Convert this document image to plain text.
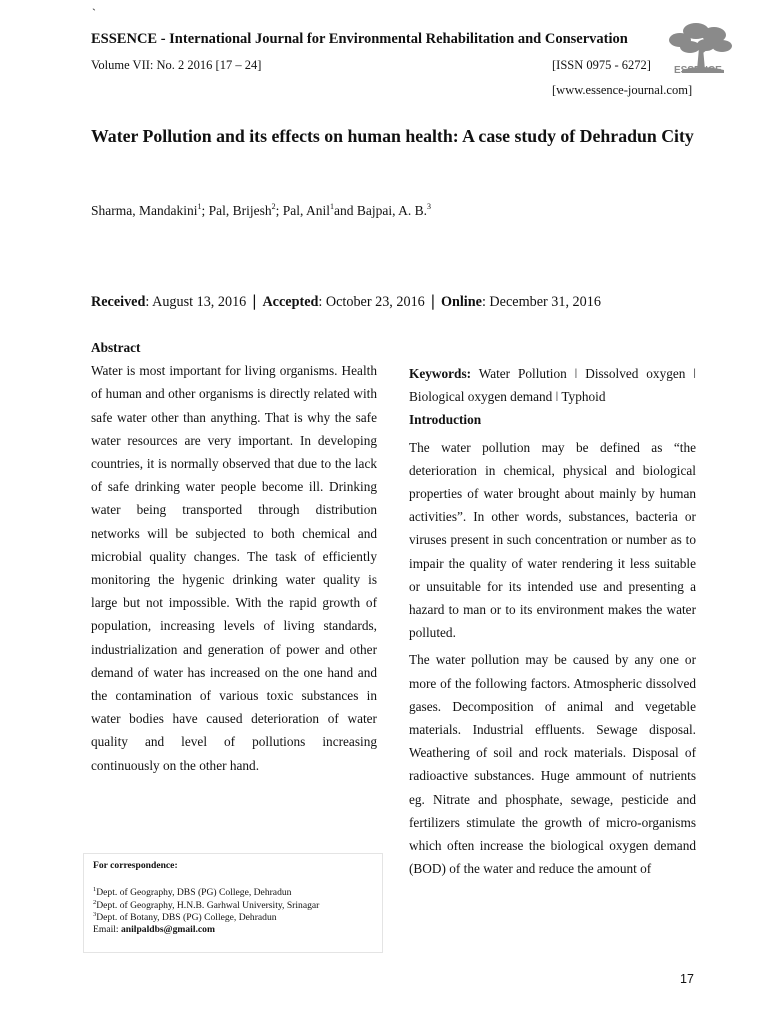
`
ESSENCE - International Journal for Environmental Rehabilitation and Conservation
Volume VII: No. 2 2016 [17 – 24]	[ISSN 0975 - 6272]
[www.essence-journal.com]
ESSENCE
Water Pollution and its effects on human health: A case study of Dehradun City
Sharma, Mandakini$^1$; Pal, Brijesh$^2$; Pal, Anil$^1$and Bajpai, A. B.$^3$
Received: August 13, 2016 | Accepted: October 23, 2016 | Online: December 31, 2016
Abstract

Water is most important for living organisms. Health of human and other organisms is directly related with safe water other than anything. That is why the safe water resources are very important. In developing countries, it is normally observed that due to the lack of safe drinking water people become ill. Drinking water being transported through distribution networks will be subjected to both chemical and microbial quality changes. The task of efficiently monitoring the hygenic drinking water quality is large but not impossible. With the rapid growth of population, increasing levels of living standards, industrialization and generation of power and other demand of water has increased on the one hand and the contamination of various toxic substances in water bodies have caused deterioration of water quality and level of pollutions increasing continuously on the other hand.

Keywords: Water Pollution ǀ Dissolved oxygen ǀ Biological oxygen demand ǀ Typhoid

Introduction

The water pollution may be defined as “the deterioration in chemical, physical and biological properties of water brought about mainly by human activities”. In other words, substances, bacteria or viruses present in such concentration or number as to impair the quality of water rendering it less suitable or unsuitable for its intended use and presenting a hazard to man or to its environment makes the water polluted.

The water pollution may be caused by any one or more of the following factors. Atmospheric dissolved gases. Decomposition of animal and vegetable materials. Industrial effluents. Sewage disposal. Weathering of soil and rock materials. Disposal of radioactive substances. Huge ammount of nutrients eg. Nitrate and phosphate, sewage, pesticide and fertilizers stimulate the growth of micro-organisms which often increase the biological oxygen demand (BOD) of the water and reduce the amount of

For correspondence:
$^1$Dept. of Geography, DBS (PG) College, Dehradun
$^2$Dept. of Geography, H.N.B. Garhwal University, Srinagar
$^3$Dept. of Botany, DBS (PG) College, Dehradun
Email: anilpaldbs@gmail.com
17
